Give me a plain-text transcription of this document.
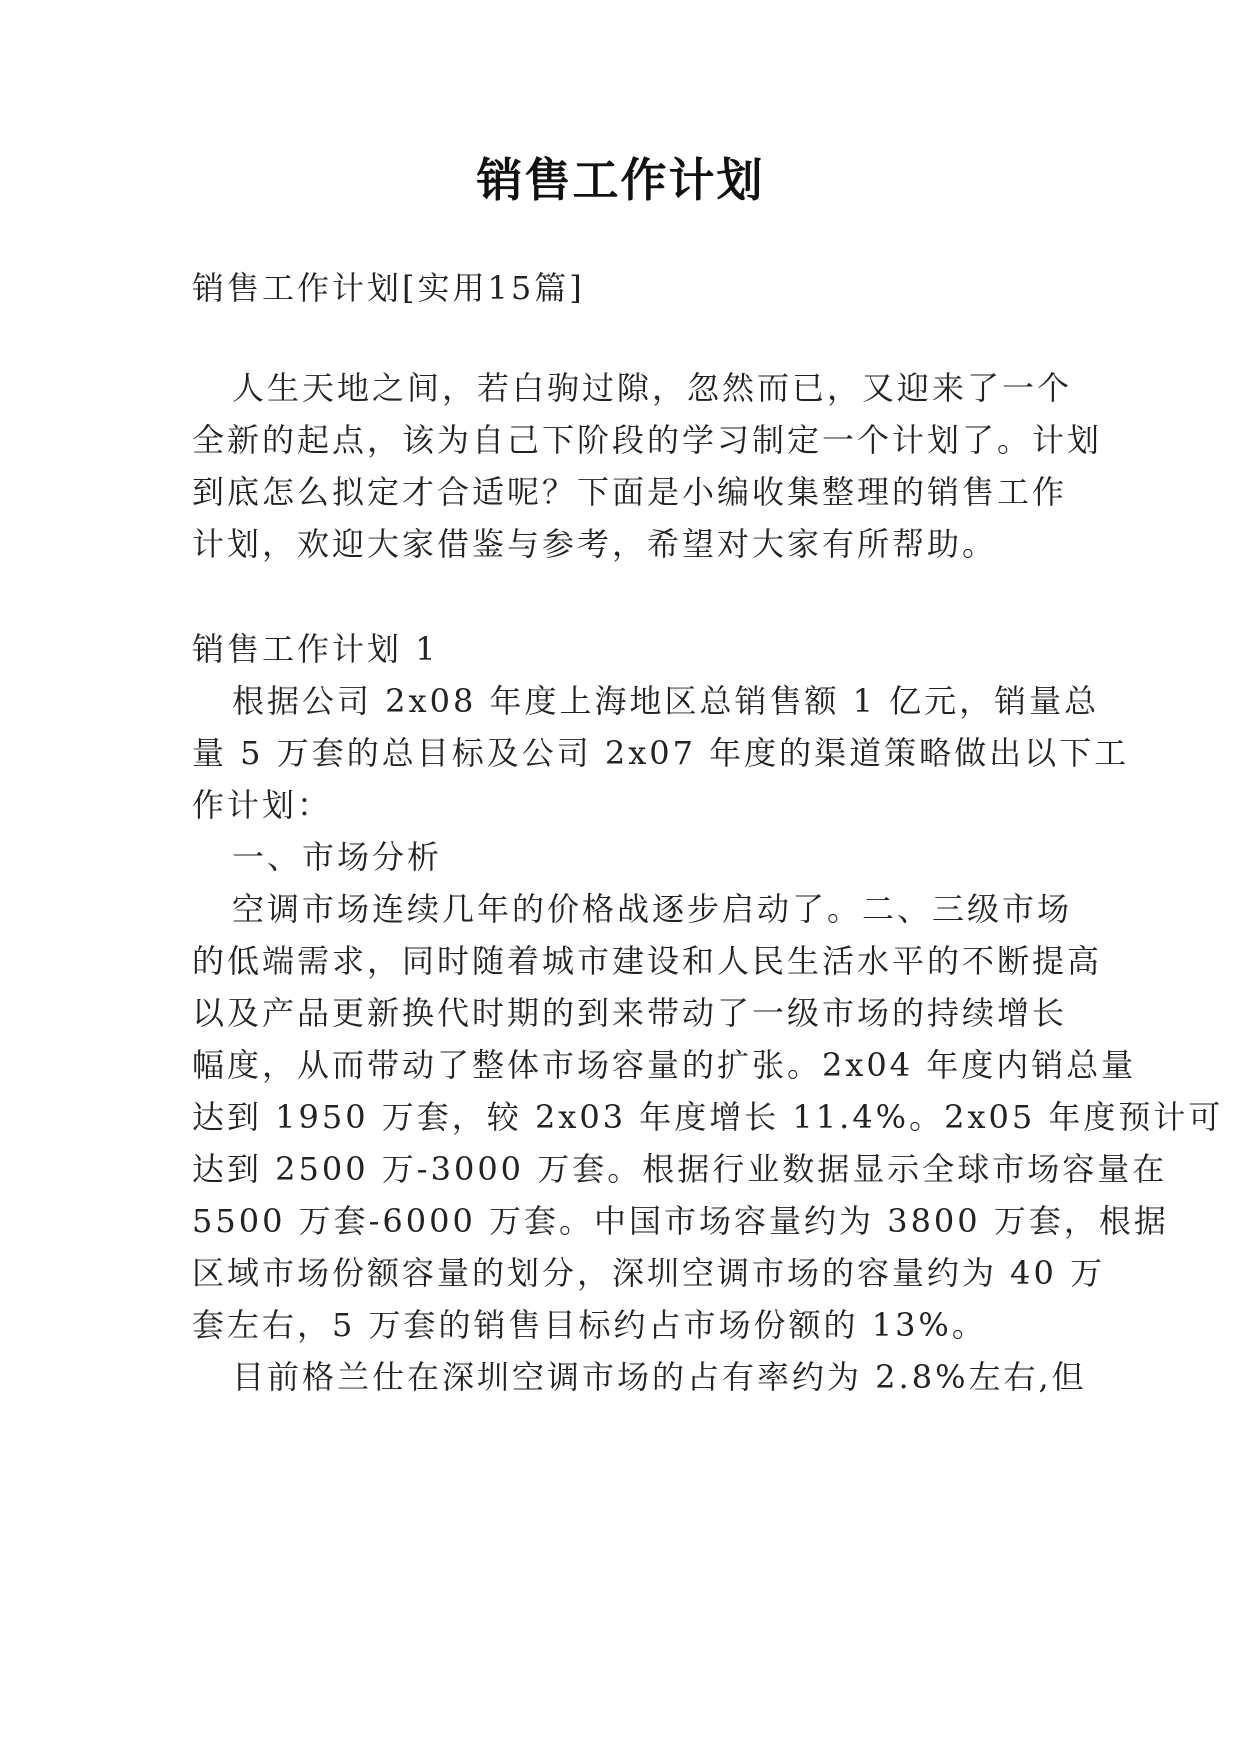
销售工作计划
销售工作计划[实用15篇]
人生天地之间，若白驹过隙，忽然而已，又迎来了一个
全新的起点，该为自己下阶段的学习制定一个计划了。计划
到底怎么拟定才合适呢？下面是小编收集整理的销售工作
计划，欢迎大家借鉴与参考，希望对大家有所帮助。
销售工作计划 1
根据公司 2x08 年度上海地区总销售额 1 亿元，销量总
量 5 万套的总目标及公司 2x07 年度的渠道策略做出以下工
作计划：
一、市场分析
空调市场连续几年的价格战逐步启动了。二、三级市场
的低端需求，同时随着城市建设和人民生活水平的不断提高
以及产品更新换代时期的到来带动了一级市场的持续增长
幅度，从而带动了整体市场容量的扩张。2x04 年度内销总量
达到 1950 万套，较 2x03 年度增长 11.4%。2x05 年度预计可
达到 2500 万-3000 万套。根据行业数据显示全球市场容量在
5500 万套-6000 万套。中国市场容量约为 3800 万套，根据
区域市场份额容量的划分，深圳空调市场的容量约为 40 万
套左右，5 万套的销售目标约占市场份额的 13%。
目前格兰仕在深圳空调市场的占有率约为 2.8%左右,但
